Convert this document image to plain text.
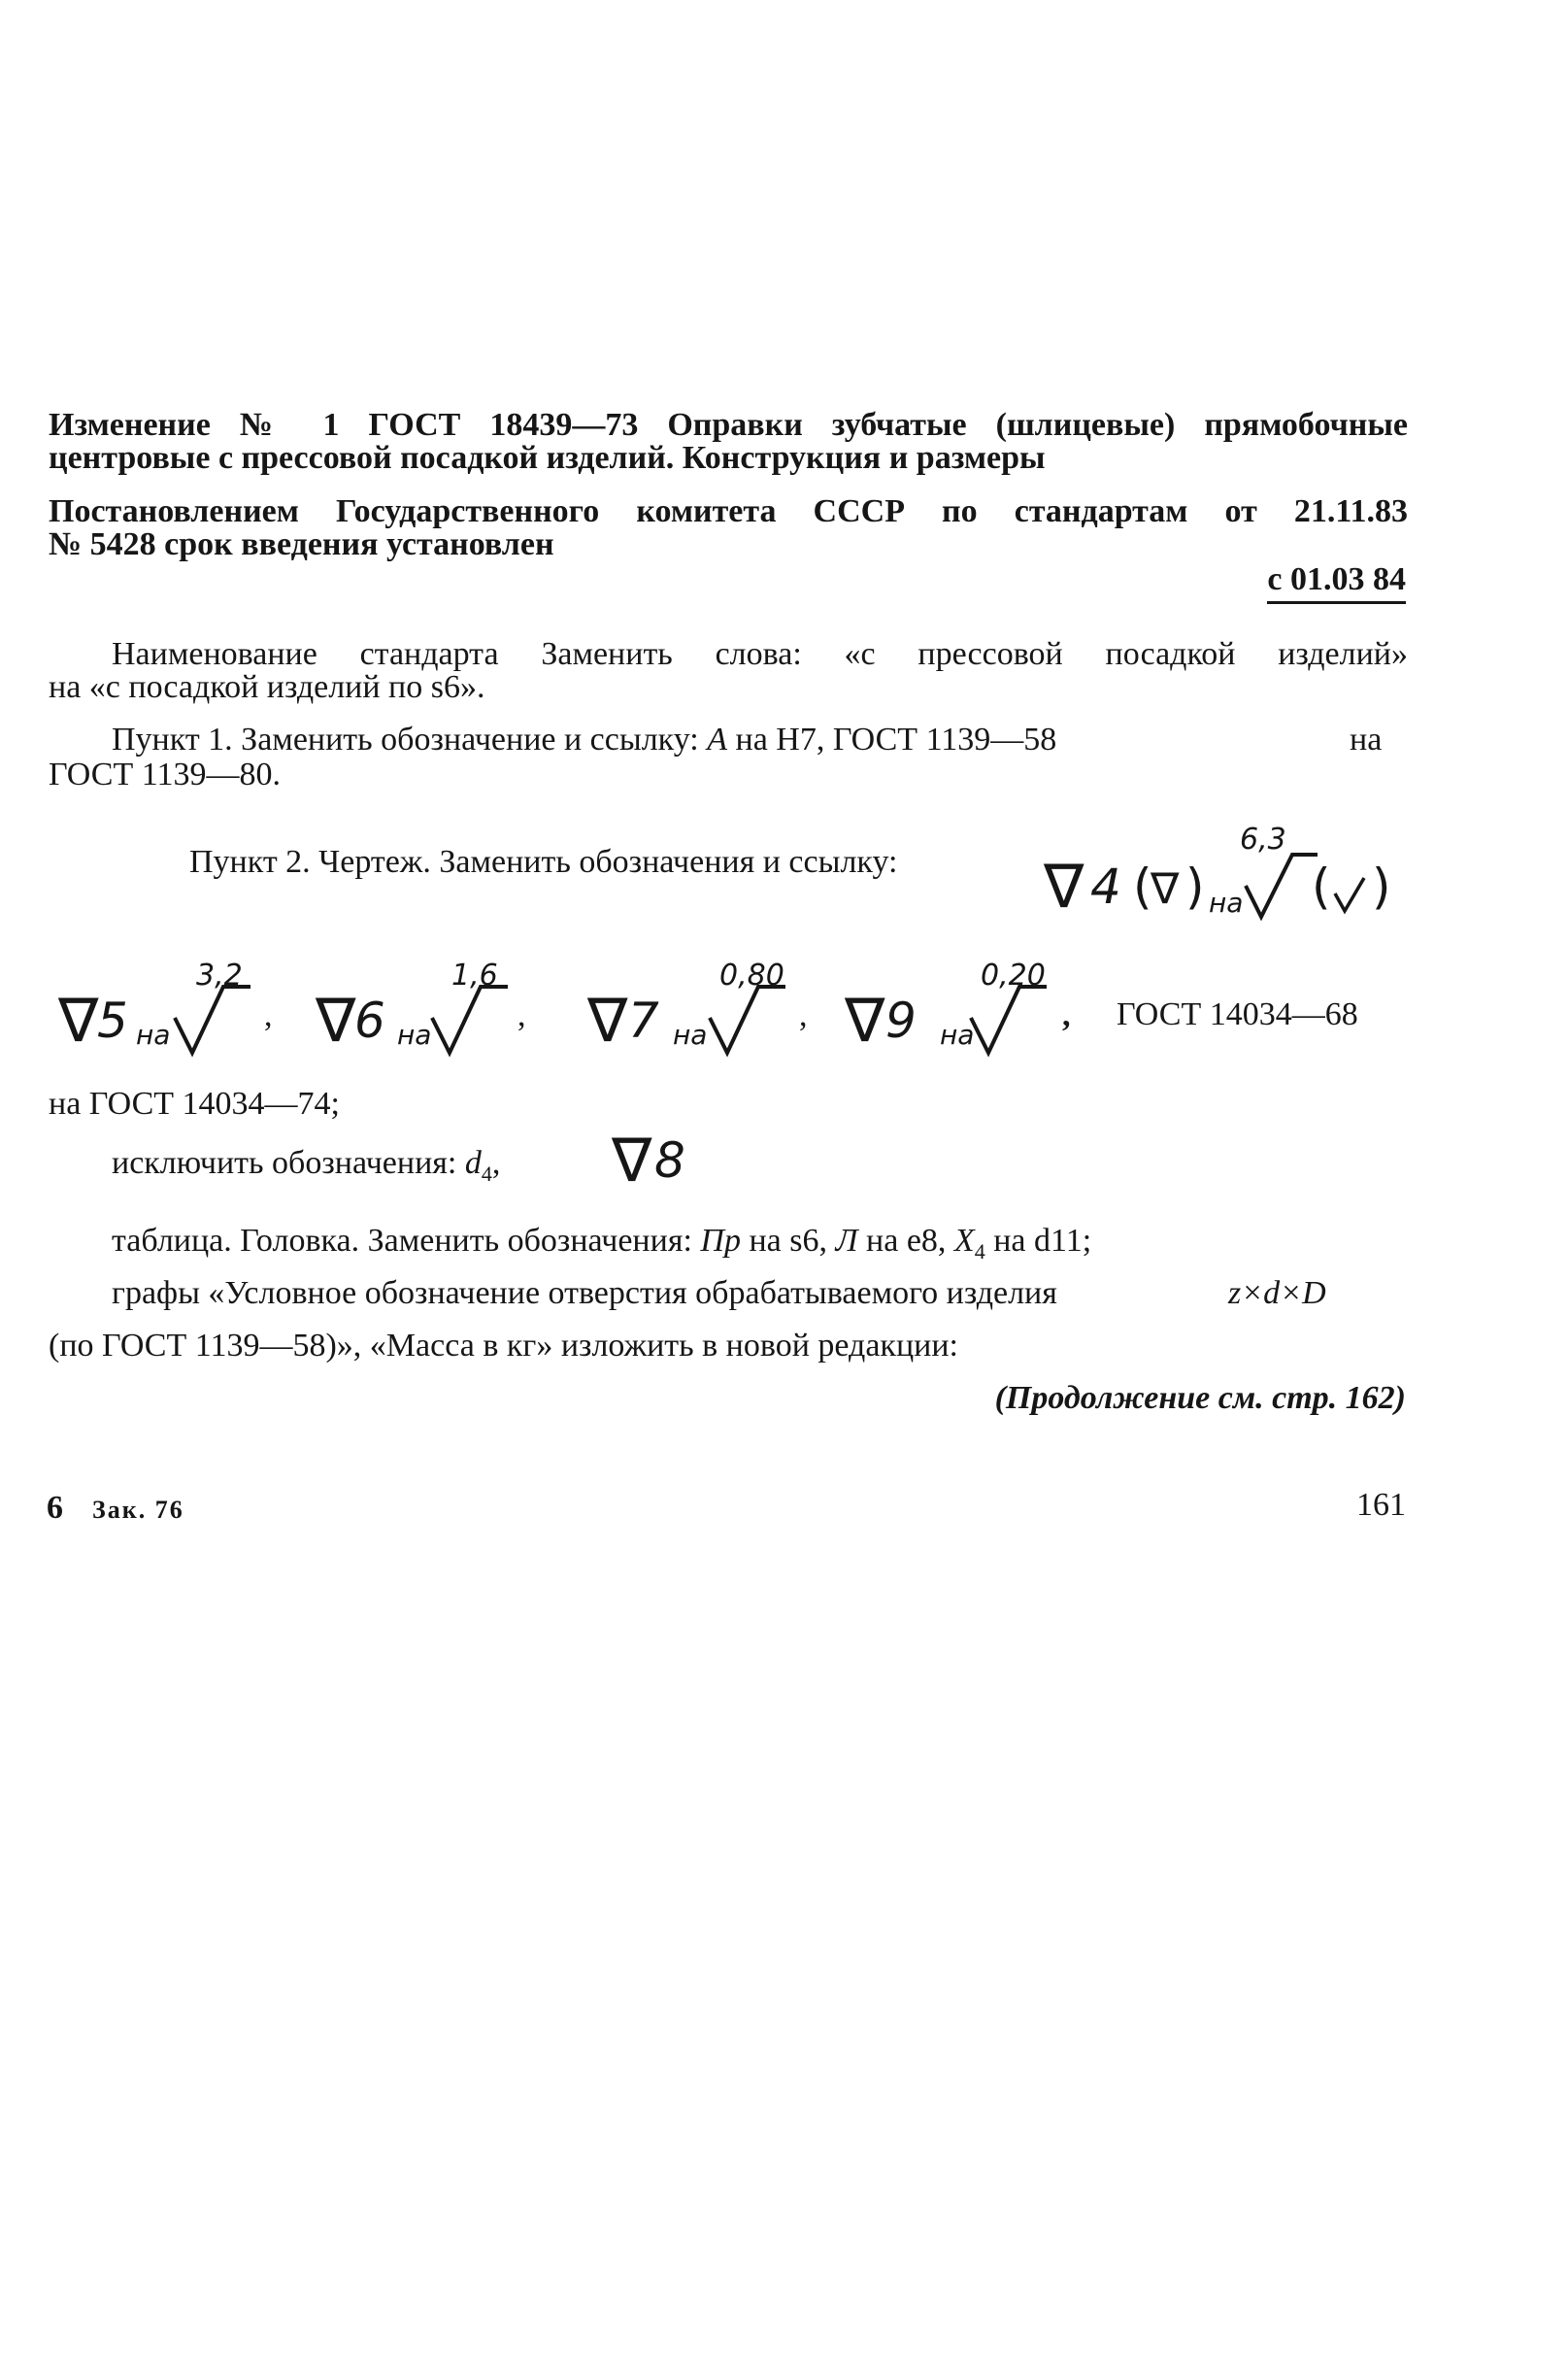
Изменение № 1 ГОСТ 18439—73 Оправки зубчатые (шлицевые) прямобочные
центровые с прессовой посадкой изделий. Конструкция и размеры
Постановлением Государственного комитета СССР по стандартам от 21.11.83
№ 5428 срок введения установлен
с 01.03 84
Наименование стандарта Заменить слова: «с прессовой посадкой изделий»
на «с посадкой изделий по s6».
Пункт 1. Заменить обозначение и ссылку: А на Н7, ГОСТ 1139—58	на
ГОСТ 1139—80.
Пункт 2. Чертеж. Заменить обозначения и ссылку: ∇ 4 (
∇ ) на
6,3
( )
∇
5 на
3,2
, ∇
6 на
1,6
, ∇ 7 на
0,80
, ∇ 9 на
0,20
, ГОСТ 14034—68
на ГОСТ 14034—74;
исключить обозначения: $d_4$, ∇ 8
таблица. Головка. Заменить обозначения: Пр на s6, Л на е8, $X_4$ на d11;
графы «Условное обозначение отверстия обрабатываемого изделия	z×d×D
(по ГОСТ 1139—58)», «Масса в кг» изложить в новой редакции:
(Продолжение см. стр. 162)
6 Зак. 76	161
